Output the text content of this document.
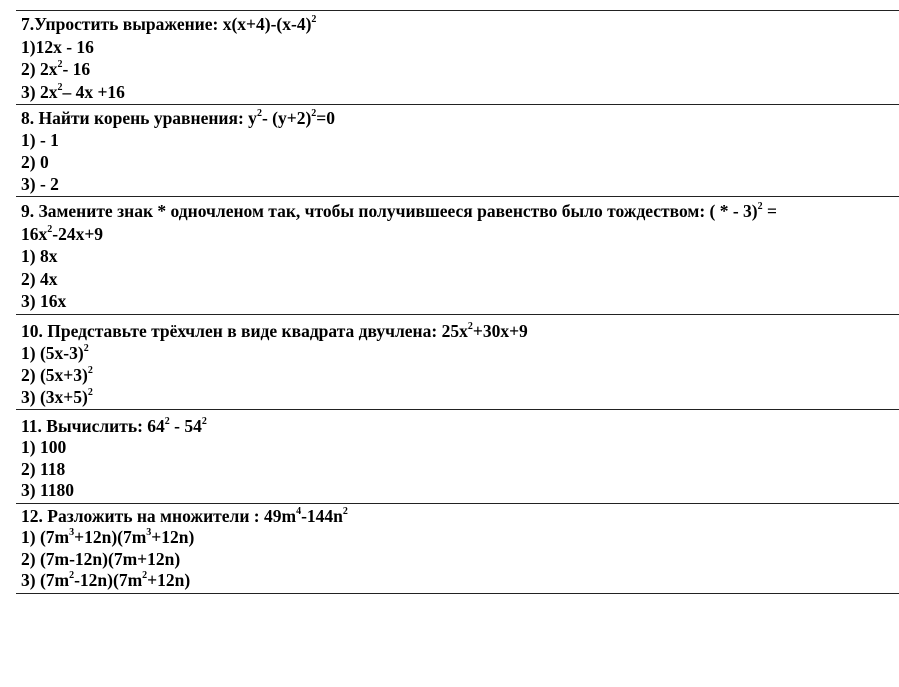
7.Упростить выражение: $x(x+4)-(x-4)^2$
1)12x - 16
2) $2x^2-$ 16
3) $2x^2-$ 4x +16
8. Найти корень уравнения: $y^2-$ $(y+2)^2=0$
1) - 1
2) 0
3) - 2
9. Замените знак * одночленом так, чтобы получившееся равенство было тождеством: ( * - 3)$^2$ =
$16x^2-24x+9$
1) 8x
2) 4x
3) 16x
10. Представьте трёхчлен в виде квадрата двучлена: $25x^2+30x+9$
1) $(5x-3)^2$
2) $(5x+3)^2$
3) $(3x+5)^2$
11. Вычислить: $64^2 - 54^2$
1) 100
2) 118
3) 1180
12. Разложить на множители : $49m^4-144n^2$
1) $(7m^3+12n)(7m^3+12n)$
2) (7m-12n)(7m+12n)
3) $(7m^2-12n)(7m^2+12n)$
